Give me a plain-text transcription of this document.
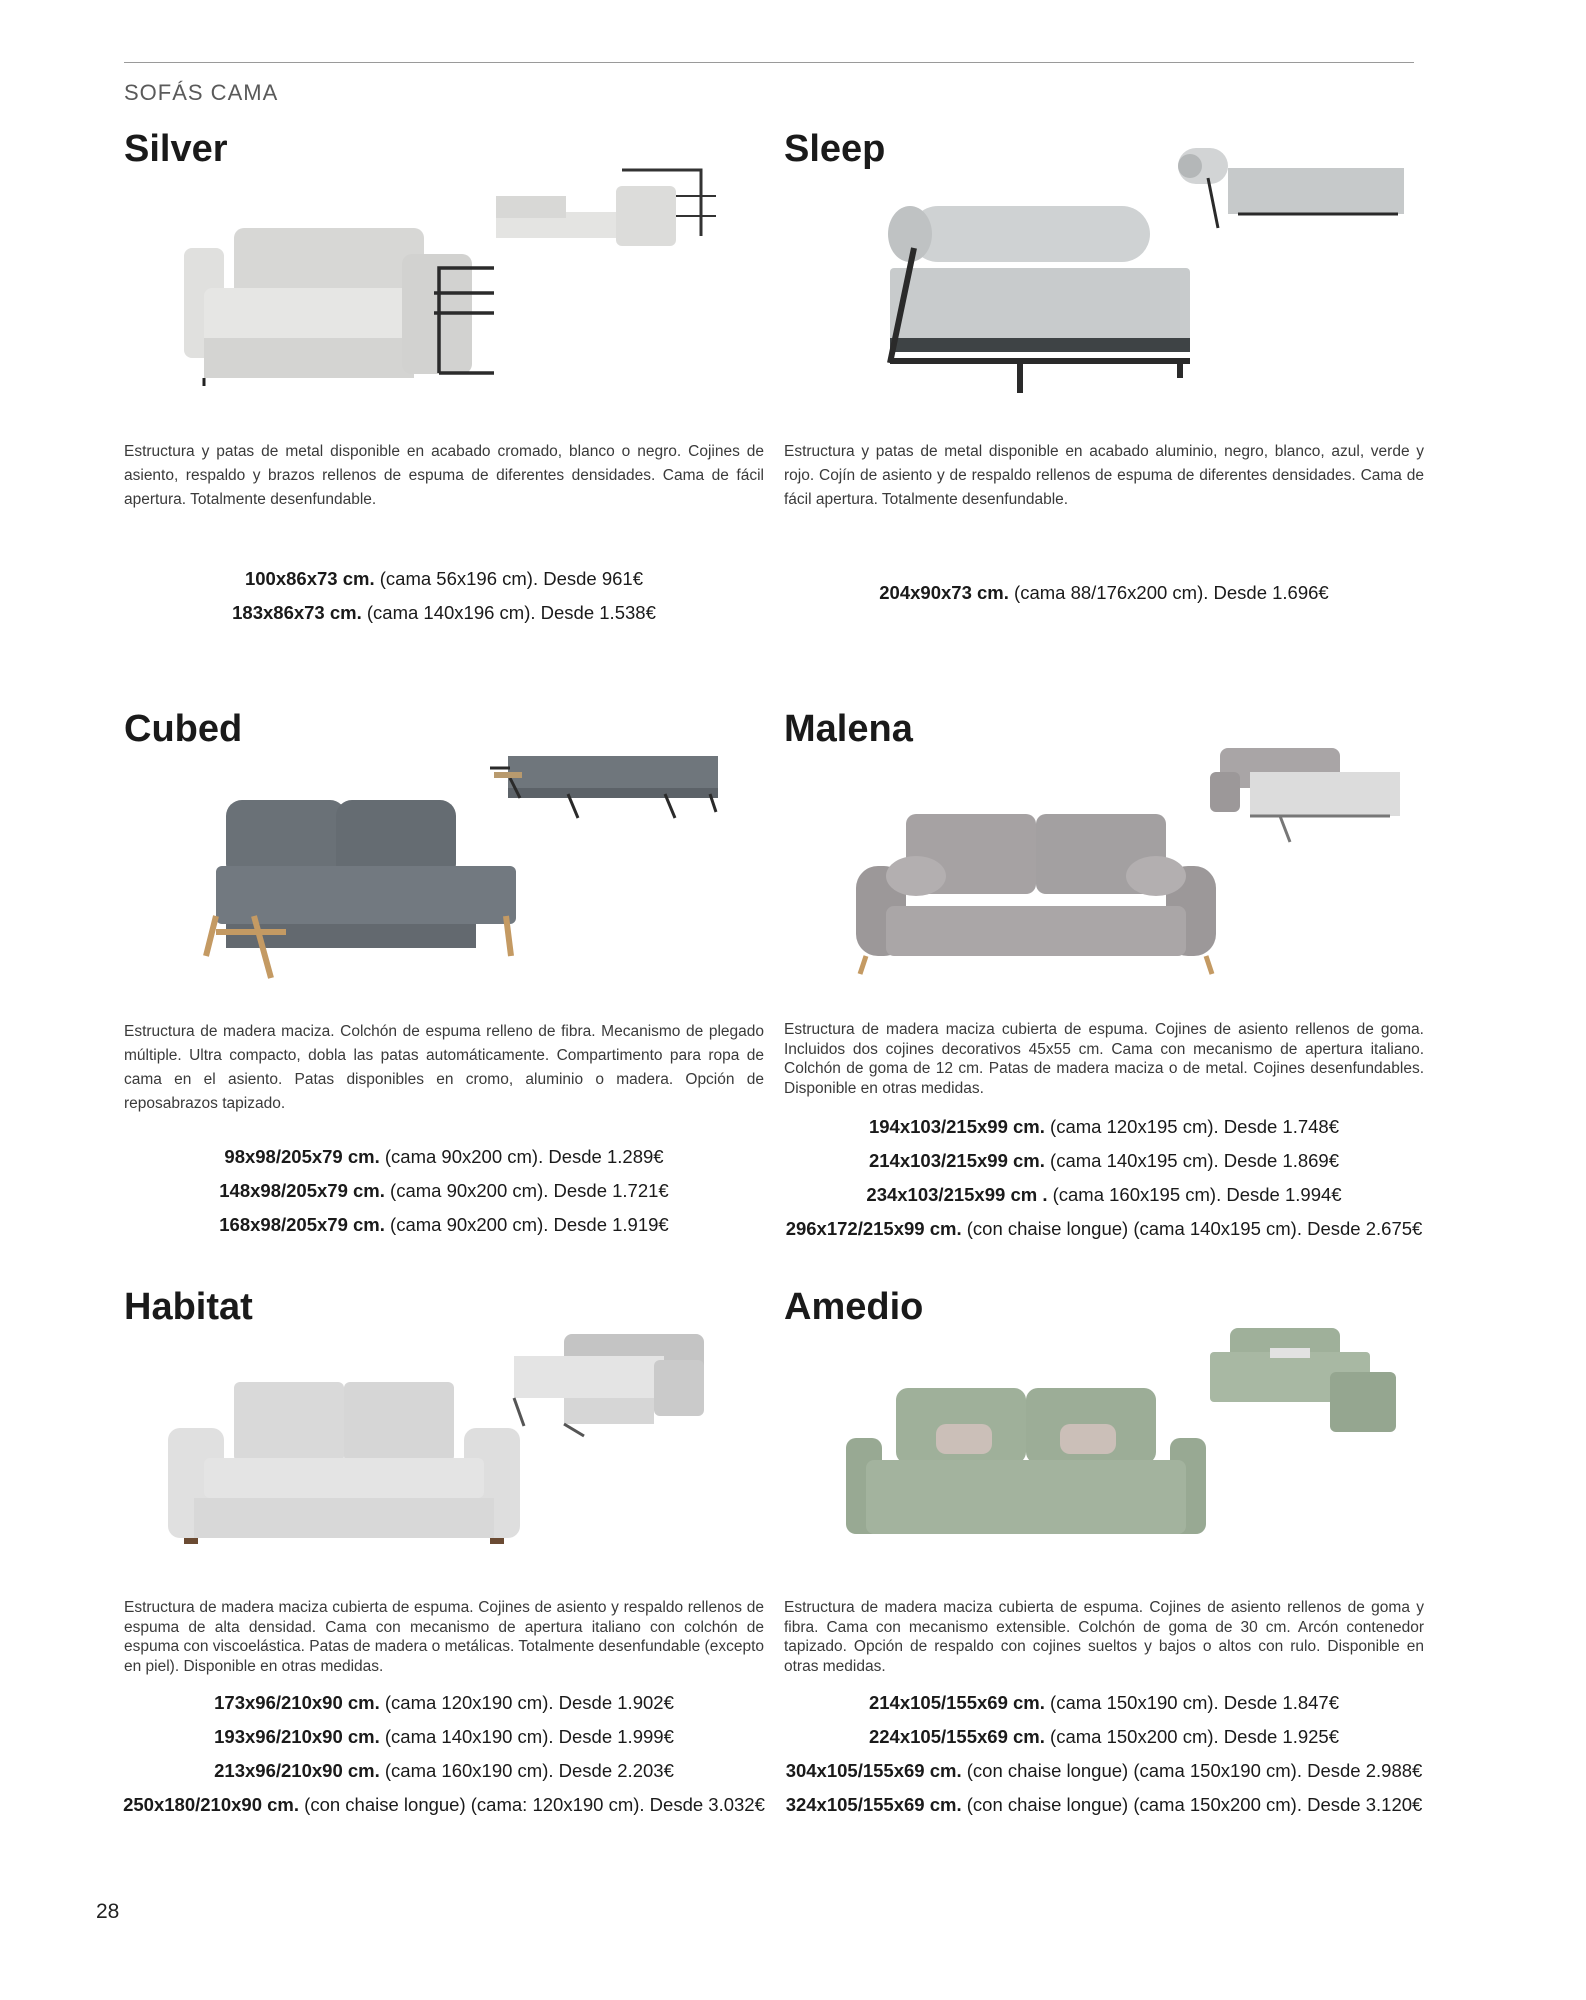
SOFÁS CAMA
Silver
Estructura y patas de metal disponible en acabado cromado, blanco o negro. Cojines de asiento, respaldo y brazos rellenos de espuma de diferentes densidades. Cama de fácil apertura. Totalmente desenfundable.
100x86x73 cm. (cama 56x196 cm). Desde 961€
183x86x73 cm. (cama 140x196 cm). Desde 1.538€
Sleep
Estructura y patas de metal disponible en acabado aluminio, negro, blanco, azul, verde y rojo. Cojín de asiento y de respaldo rellenos de espuma de diferentes densidades. Cama de fácil apertura. Totalmente desenfundable.
204x90x73 cm. (cama 88/176x200 cm). Desde 1.696€
Cubed
Estructura de madera maciza. Colchón de espuma relleno de fibra. Mecanismo de plegado múltiple. Ultra compacto, dobla las patas automáticamente. Compartimento para ropa de cama en el asiento. Patas disponibles en cromo, aluminio o madera. Opción de reposabrazos tapizado.
98x98/205x79 cm. (cama 90x200 cm). Desde 1.289€
148x98/205x79 cm. (cama 90x200 cm). Desde 1.721€
168x98/205x79 cm. (cama 90x200 cm). Desde 1.919€
Malena
Estructura de madera maciza cubierta de espuma. Cojines de asiento rellenos de goma. Incluidos dos cojines decorativos 45x55 cm. Cama con mecanismo de apertura italiano. Colchón de goma de 12 cm. Patas de madera maciza o de metal. Cojines desenfundables. Disponible en otras medidas.
194x103/215x99 cm. (cama 120x195 cm). Desde 1.748€
214x103/215x99 cm. (cama 140x195 cm). Desde 1.869€
234x103/215x99 cm . (cama 160x195 cm). Desde 1.994€
296x172/215x99 cm. (con chaise longue) (cama 140x195 cm). Desde 2.675€
Habitat
Estructura de madera maciza cubierta de espuma. Cojines de asiento y respaldo rellenos de espuma de alta densidad. Cama con mecanismo de apertura italiano con colchón de espuma con viscoelástica. Patas de madera o metálicas. Totalmente desenfundable (excepto en piel). Disponible en otras medidas.
173x96/210x90 cm. (cama 120x190 cm). Desde 1.902€
193x96/210x90 cm. (cama 140x190 cm). Desde 1.999€
213x96/210x90 cm. (cama 160x190 cm). Desde 2.203€
250x180/210x90 cm. (con chaise longue) (cama: 120x190 cm). Desde 3.032€
Amedio
Estructura de madera maciza cubierta de espuma. Cojines de asiento rellenos de goma y fibra. Cama con mecanismo extensible. Colchón de goma de 30 cm. Arcón contenedor tapizado. Opción de respaldo con cojines sueltos y bajos o altos con rulo. Disponible en otras medidas.
214x105/155x69 cm. (cama 150x190 cm). Desde 1.847€
224x105/155x69 cm. (cama 150x200 cm). Desde 1.925€
304x105/155x69 cm. (con chaise longue) (cama 150x190 cm). Desde 2.988€
324x105/155x69 cm. (con chaise longue) (cama 150x200 cm). Desde 3.120€
28
